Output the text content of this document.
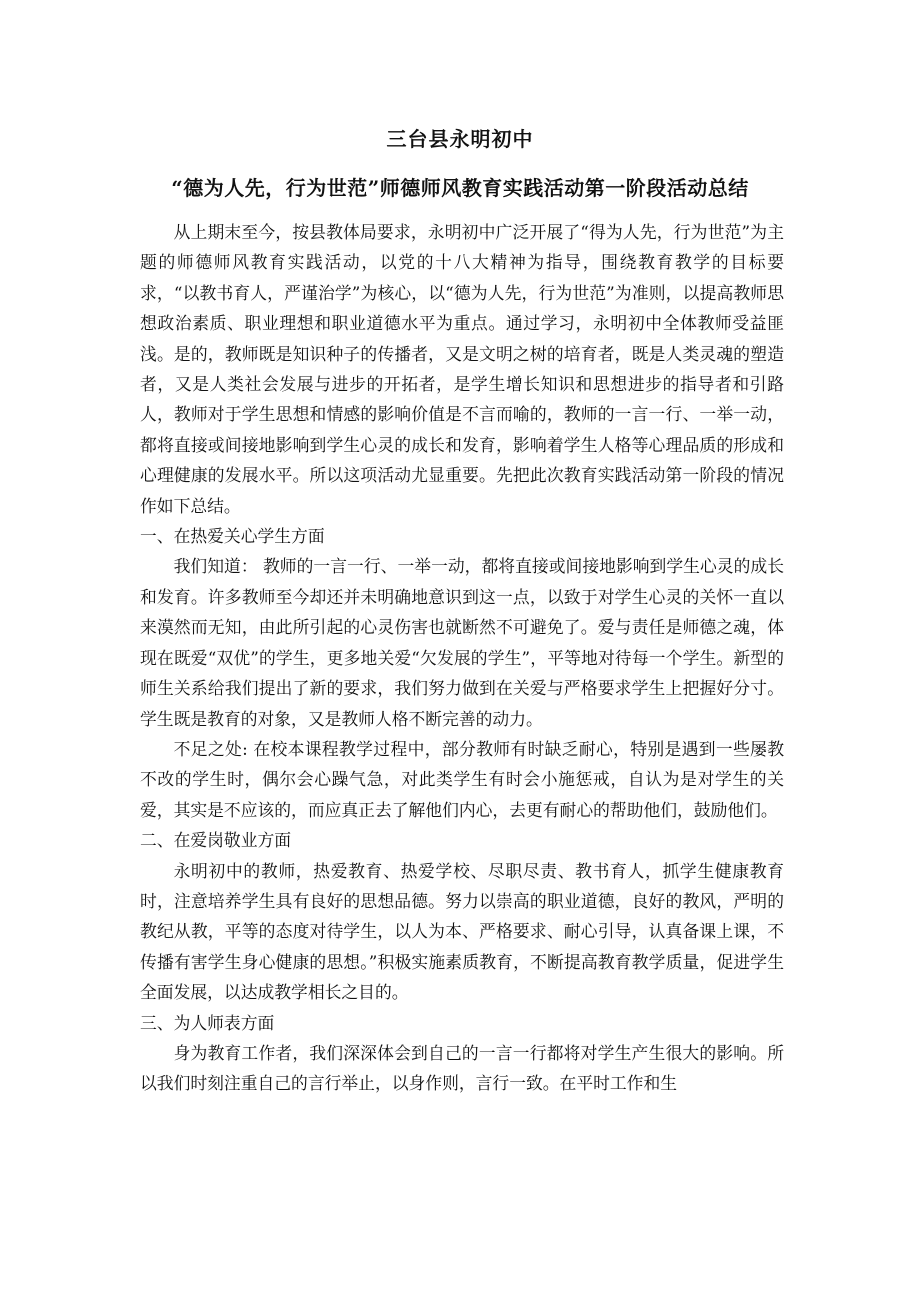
三台县永明初中
“德为人先，行为世范”师德师风教育实践活动第一阶段活动总结

从上期末至今，按县教体局要求，永明初中广泛开展了“得为人先，行为世范”为主题的师德师风教育实践活动，以党的十八大精神为指导，围绕教育教学的目标要求，“以教书育人，严谨治学”为核心，以“德为人先，行为世范”为准则，以提高教师思想政治素质、职业理想和职业道德水平为重点。通过学习，永明初中全体教师受益匪浅。是的，教师既是知识种子的传播者，又是文明之树的培育者，既是人类灵魂的塑造者，又是人类社会发展与进步的开拓者，是学生增长知识和思想进步的指导者和引路人，教师对于学生思想和情感的影响价值是不言而喻的，教师的一言一行、一举一动，都将直接或间接地影响到学生心灵的成长和发育，影响着学生人格等心理品质的形成和心理健康的发展水平。所以这项活动尤显重要。先把此次教育实践活动第一阶段的情况作如下总结。

一、在热爱关心学生方面

我们知道： 教师的一言一行、一举一动，都将直接或间接地影响到学生心灵的成长和发育。许多教师至今却还并未明确地意识到这一点，以致于对学生心灵的关怀一直以来漠然而无知，由此所引起的心灵伤害也就断然不可避免了。爱与责任是师德之魂，体现在既爱“双优”的学生，更多地关爱“欠发展的学生”，平等地对待每一个学生。新型的师生关系给我们提出了新的要求，我们努力做到在关爱与严格要求学生上把握好分寸。学生既是教育的对象，又是教师人格不断完善的动力。

不足之处: 在校本课程教学过程中，部分教师有时缺乏耐心，特别是遇到一些屡教不改的学生时，偶尔会心躁气急，对此类学生有时会小施惩戒，自认为是对学生的关爱，其实是不应该的，而应真正去了解他们内心，去更有耐心的帮助他们，鼓励他们。

二、在爱岗敬业方面

永明初中的教师，热爱教育、热爱学校、尽职尽责、教书育人，抓学生健康教育时，注意培养学生具有良好的思想品德。努力以崇高的职业道德，良好的教风，严明的教纪从教，平等的态度对待学生，以人为本、严格要求、耐心引导，认真备课上课，不传播有害学生身心健康的思想。”积极实施素质教育，不断提高教育教学质量，促进学生全面发展，以达成教学相长之目的。

三、为人师表方面

身为教育工作者，我们深深体会到自己的一言一行都将对学生产生很大的影响。所以我们时刻注重自己的言行举止，以身作则，言行一致。在平时工作和生
